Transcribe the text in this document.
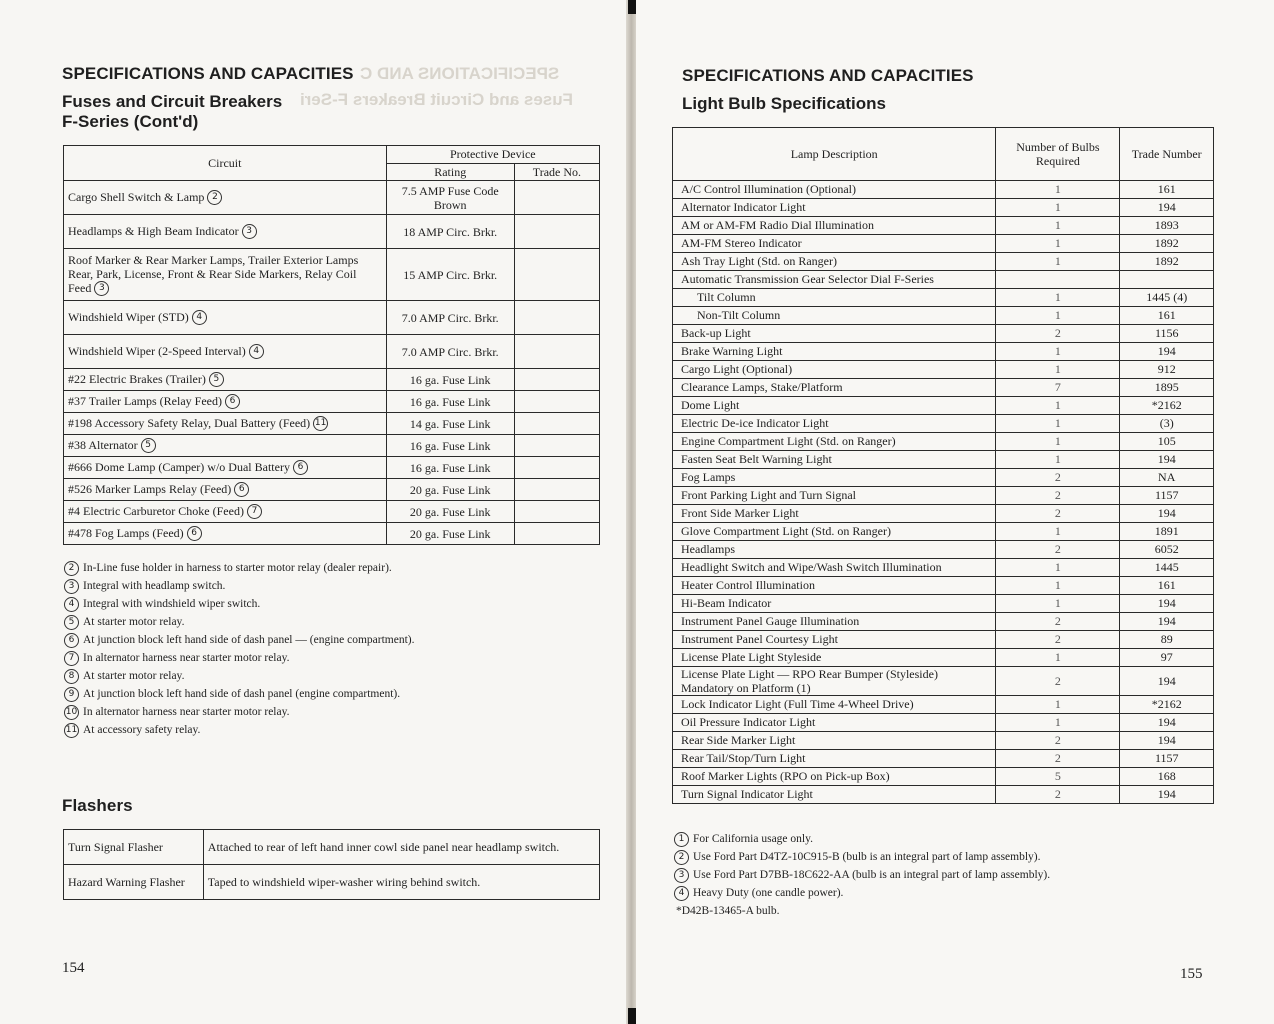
SPECIFICATIONS AND C
Fuses and Circuit Breakers F-Seri
SPECIFICATIONS AND CAPACITIES
Fuses and Circuit Breakers
F-Series (Cont'd)
Circuit	Protective Device	
	Rating	Trade No.
Cargo Shell Switch & Lamp 2	7.5 AMP Fuse Code Brown	
Headlamps & High Beam Indicator 3	18 AMP Circ. Brkr.	
Roof Marker & Rear Marker Lamps, Trailer Exterior Lamps Rear, Park, License, Front & Rear Side Markers, Relay Coil Feed 3	15 AMP Circ. Brkr.	
Windshield Wiper (STD) 4	7.0 AMP Circ. Brkr.	
Windshield Wiper (2-Speed Interval) 4	7.0 AMP Circ. Brkr.	
#22 Electric Brakes (Trailer) 5	16 ga. Fuse Link	
#37 Trailer Lamps (Relay Feed) 6	16 ga. Fuse Link	
#198 Accessory Safety Relay, Dual Battery (Feed) 11	14 ga. Fuse Link	
#38 Alternator 5	16 ga. Fuse Link	
#666 Dome Lamp (Camper) w/o Dual Battery 6	16 ga. Fuse Link	
#526 Marker Lamps Relay (Feed) 6	20 ga. Fuse Link	
#4 Electric Carburetor Choke (Feed) 7	20 ga. Fuse Link	
#478 Fog Lamps (Feed) 6	20 ga. Fuse Link	
2 In-Line fuse holder in harness to starter motor relay (dealer repair).
3 Integral with headlamp switch.
4 Integral with windshield wiper switch.
5 At starter motor relay.
6 At junction block left hand side of dash panel — (engine compartment).
7 In alternator harness near starter motor relay.
8 At starter motor relay.
9 At junction block left hand side of dash panel (engine compartment).
10 In alternator harness near starter motor relay.
11 At accessory safety relay.
Flashers
Turn Signal Flasher	Attached to rear of left hand inner cowl side panel near headlamp switch.
Hazard Warning Flasher	Taped to windshield wiper-washer wiring behind switch.
154
SPECIFICATIONS AND CAPACITIES
Light Bulb Specifications
Lamp Description	Number of Bulbs Required	Trade Number
A/C Control Illumination (Optional)	1	161
Alternator Indicator Light	1	194
AM or AM-FM Radio Dial Illumination	1	1893
AM-FM Stereo Indicator	1	1892
Ash Tray Light (Std. on Ranger)	1	1892
Automatic Transmission Gear Selector Dial F-Series		
Tilt Column	1	1445 (4)
Non-Tilt Column	1	161
Back-up Light	2	1156
Brake Warning Light	1	194
Cargo Light (Optional)	1	912
Clearance Lamps, Stake/Platform	7	1895
Dome Light	1	*2162
Electric De-ice Indicator Light	1	(3)
Engine Compartment Light (Std. on Ranger)	1	105
Fasten Seat Belt Warning Light	1	194
Fog Lamps	2	NA
Front Parking Light and Turn Signal	2	1157
Front Side Marker Light	2	194
Glove Compartment Light (Std. on Ranger)	1	1891
Headlamps	2	6052
Headlight Switch and Wipe/Wash Switch Illumination	1	1445
Heater Control Illumination	1	161
Hi-Beam Indicator	1	194
Instrument Panel Gauge Illumination	2	194
Instrument Panel Courtesy Light	2	89
License Plate Light Styleside	1	97
License Plate Light — RPO Rear Bumper (Styleside) Mandatory on Platform (1)	2	194
Lock Indicator Light (Full Time 4-Wheel Drive)	1	*2162
Oil Pressure Indicator Light	1	194
Rear Side Marker Light	2	194
Rear Tail/Stop/Turn Light	2	1157
Roof Marker Lights (RPO on Pick-up Box)	5	168
Turn Signal Indicator Light	2	194
1 For California usage only.
2 Use Ford Part D4TZ-10C915-B (bulb is an integral part of lamp assembly).
3 Use Ford Part D7BB-18C622-AA (bulb is an integral part of lamp assembly).
4 Heavy Duty (one candle power).
*D42B-13465-A bulb.
155
